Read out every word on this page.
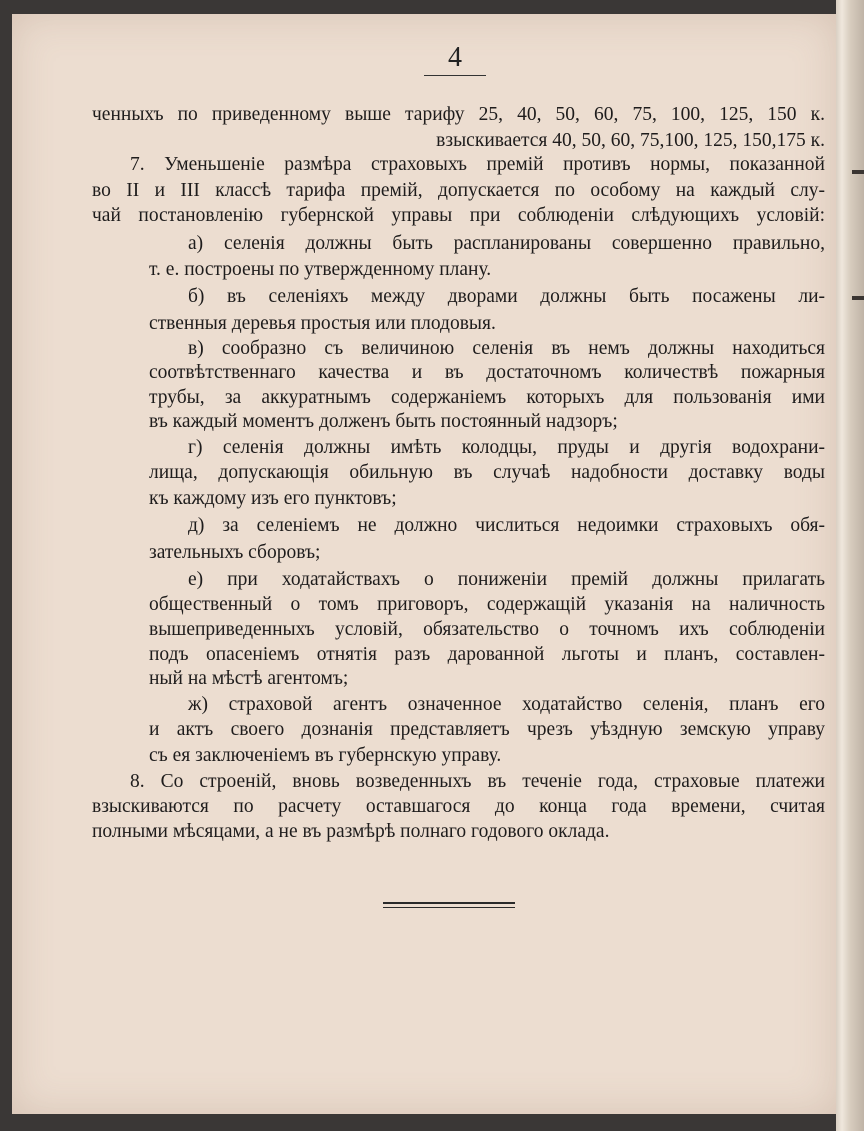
4
ченныхъ по приведенному выше тарифу 25, 40, 50, 60, 75, 100, 125, 150 к.
взыскивается 40, 50, 60, 75,100, 125, 150,175 к.
7. Уменьшеніе размѣра страховыхъ премій противъ нормы, показанной
во II и III классѣ тарифа премій, допускается по особому на каждый слу-
чай постановленію губернской управы при соблюденіи слѣдующихъ условій:
а) селенія должны быть распланированы совершенно правильно,
т. е. построены по утвержденному плану.
б) въ селеніяхъ между дворами должны быть посажены ли-
ственныя деревья простыя или плодовыя.
в) сообразно съ величиною селенія въ немъ должны находиться
соотвѣтственнаго качества и въ достаточномъ количествѣ пожарныя
трубы, за аккуратнымъ содержаніемъ которыхъ для пользованія ими
въ каждый моментъ долженъ быть постоянный надзоръ;
г) селенія должны имѣть колодцы, пруды и другія водохрани-
лища, допускающія обильную въ случаѣ надобности доставку воды
къ каждому изъ его пунктовъ;
д) за селеніемъ не должно числиться недоимки страховыхъ обя-
зательныхъ сборовъ;
е) при ходатайствахъ о пониженіи премій должны прилагать
общественный о томъ приговоръ, содержащій указанія на наличность
вышеприведенныхъ условій, обязательство о точномъ ихъ соблюденіи
подъ опасеніемъ отнятія разъ дарованной льготы и планъ, составлен-
ный на мѣстѣ агентомъ;
ж) страховой агентъ означенное ходатайство селенія, планъ его
и актъ своего дознанія представляетъ чрезъ уѣздную земскую управу
съ ея заключеніемъ въ губернскую управу.
8. Со строеній, вновь возведенныхъ въ теченіе года, страховые платежи
взыскиваются по расчету оставшагося до конца года времени, считая
полными мѣсяцами, а не въ размѣрѣ полнаго годового оклада.
